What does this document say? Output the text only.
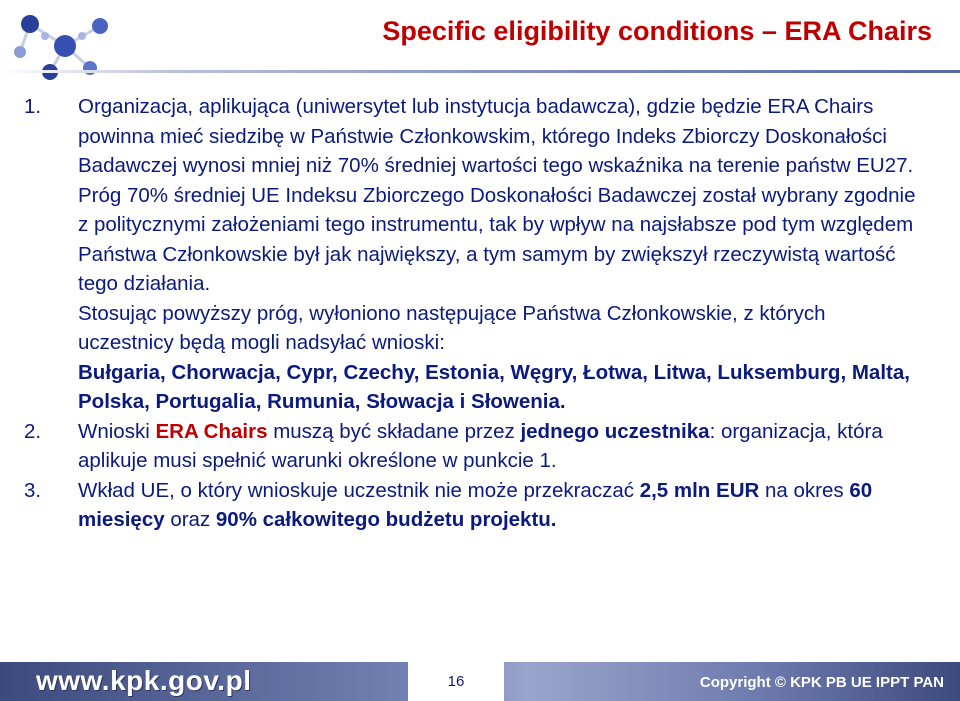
Specific eligibility conditions – ERA Chairs
1.	Organizacja, aplikująca (uniwersytet lub instytucja badawcza), gdzie będzie ERA Chairs powinna mieć siedzibę w Państwie Członkowskim, którego Indeks Zbiorczy Doskonałości Badawczej wynosi mniej niż 70% średniej wartości tego wskaźnika na terenie państw EU27.
Próg 70% średniej UE Indeksu Zbiorczego Doskonałości Badawczej został wybrany zgodnie z politycznymi założeniami tego instrumentu, tak by wpływ na najsłabsze pod tym względem Państwa Członkowskie był jak największy, a tym samym by zwiększył rzeczywistą wartość tego działania.
Stosując powyższy próg, wyłoniono następujące Państwa Członkowskie, z których uczestnicy będą mogli nadsyłać wnioski:
Bułgaria, Chorwacja, Cypr, Czechy, Estonia, Węgry, Łotwa, Litwa, Luksemburg, Malta, Polska, Portugalia, Rumunia, Słowacja i Słowenia.
2.	Wnioski ERA Chairs muszą być składane przez jednego uczestnika: organizacja, która aplikuje musi spełnić warunki określone w punkcie 1.
3.	Wkład UE, o który wnioskuje uczestnik nie może przekraczać 2,5 mln EUR na okres 60 miesięcy oraz 90% całkowitego budżetu projektu.
www.kpk.gov.pl	16	Copyright © KPK PB UE IPPT PAN
